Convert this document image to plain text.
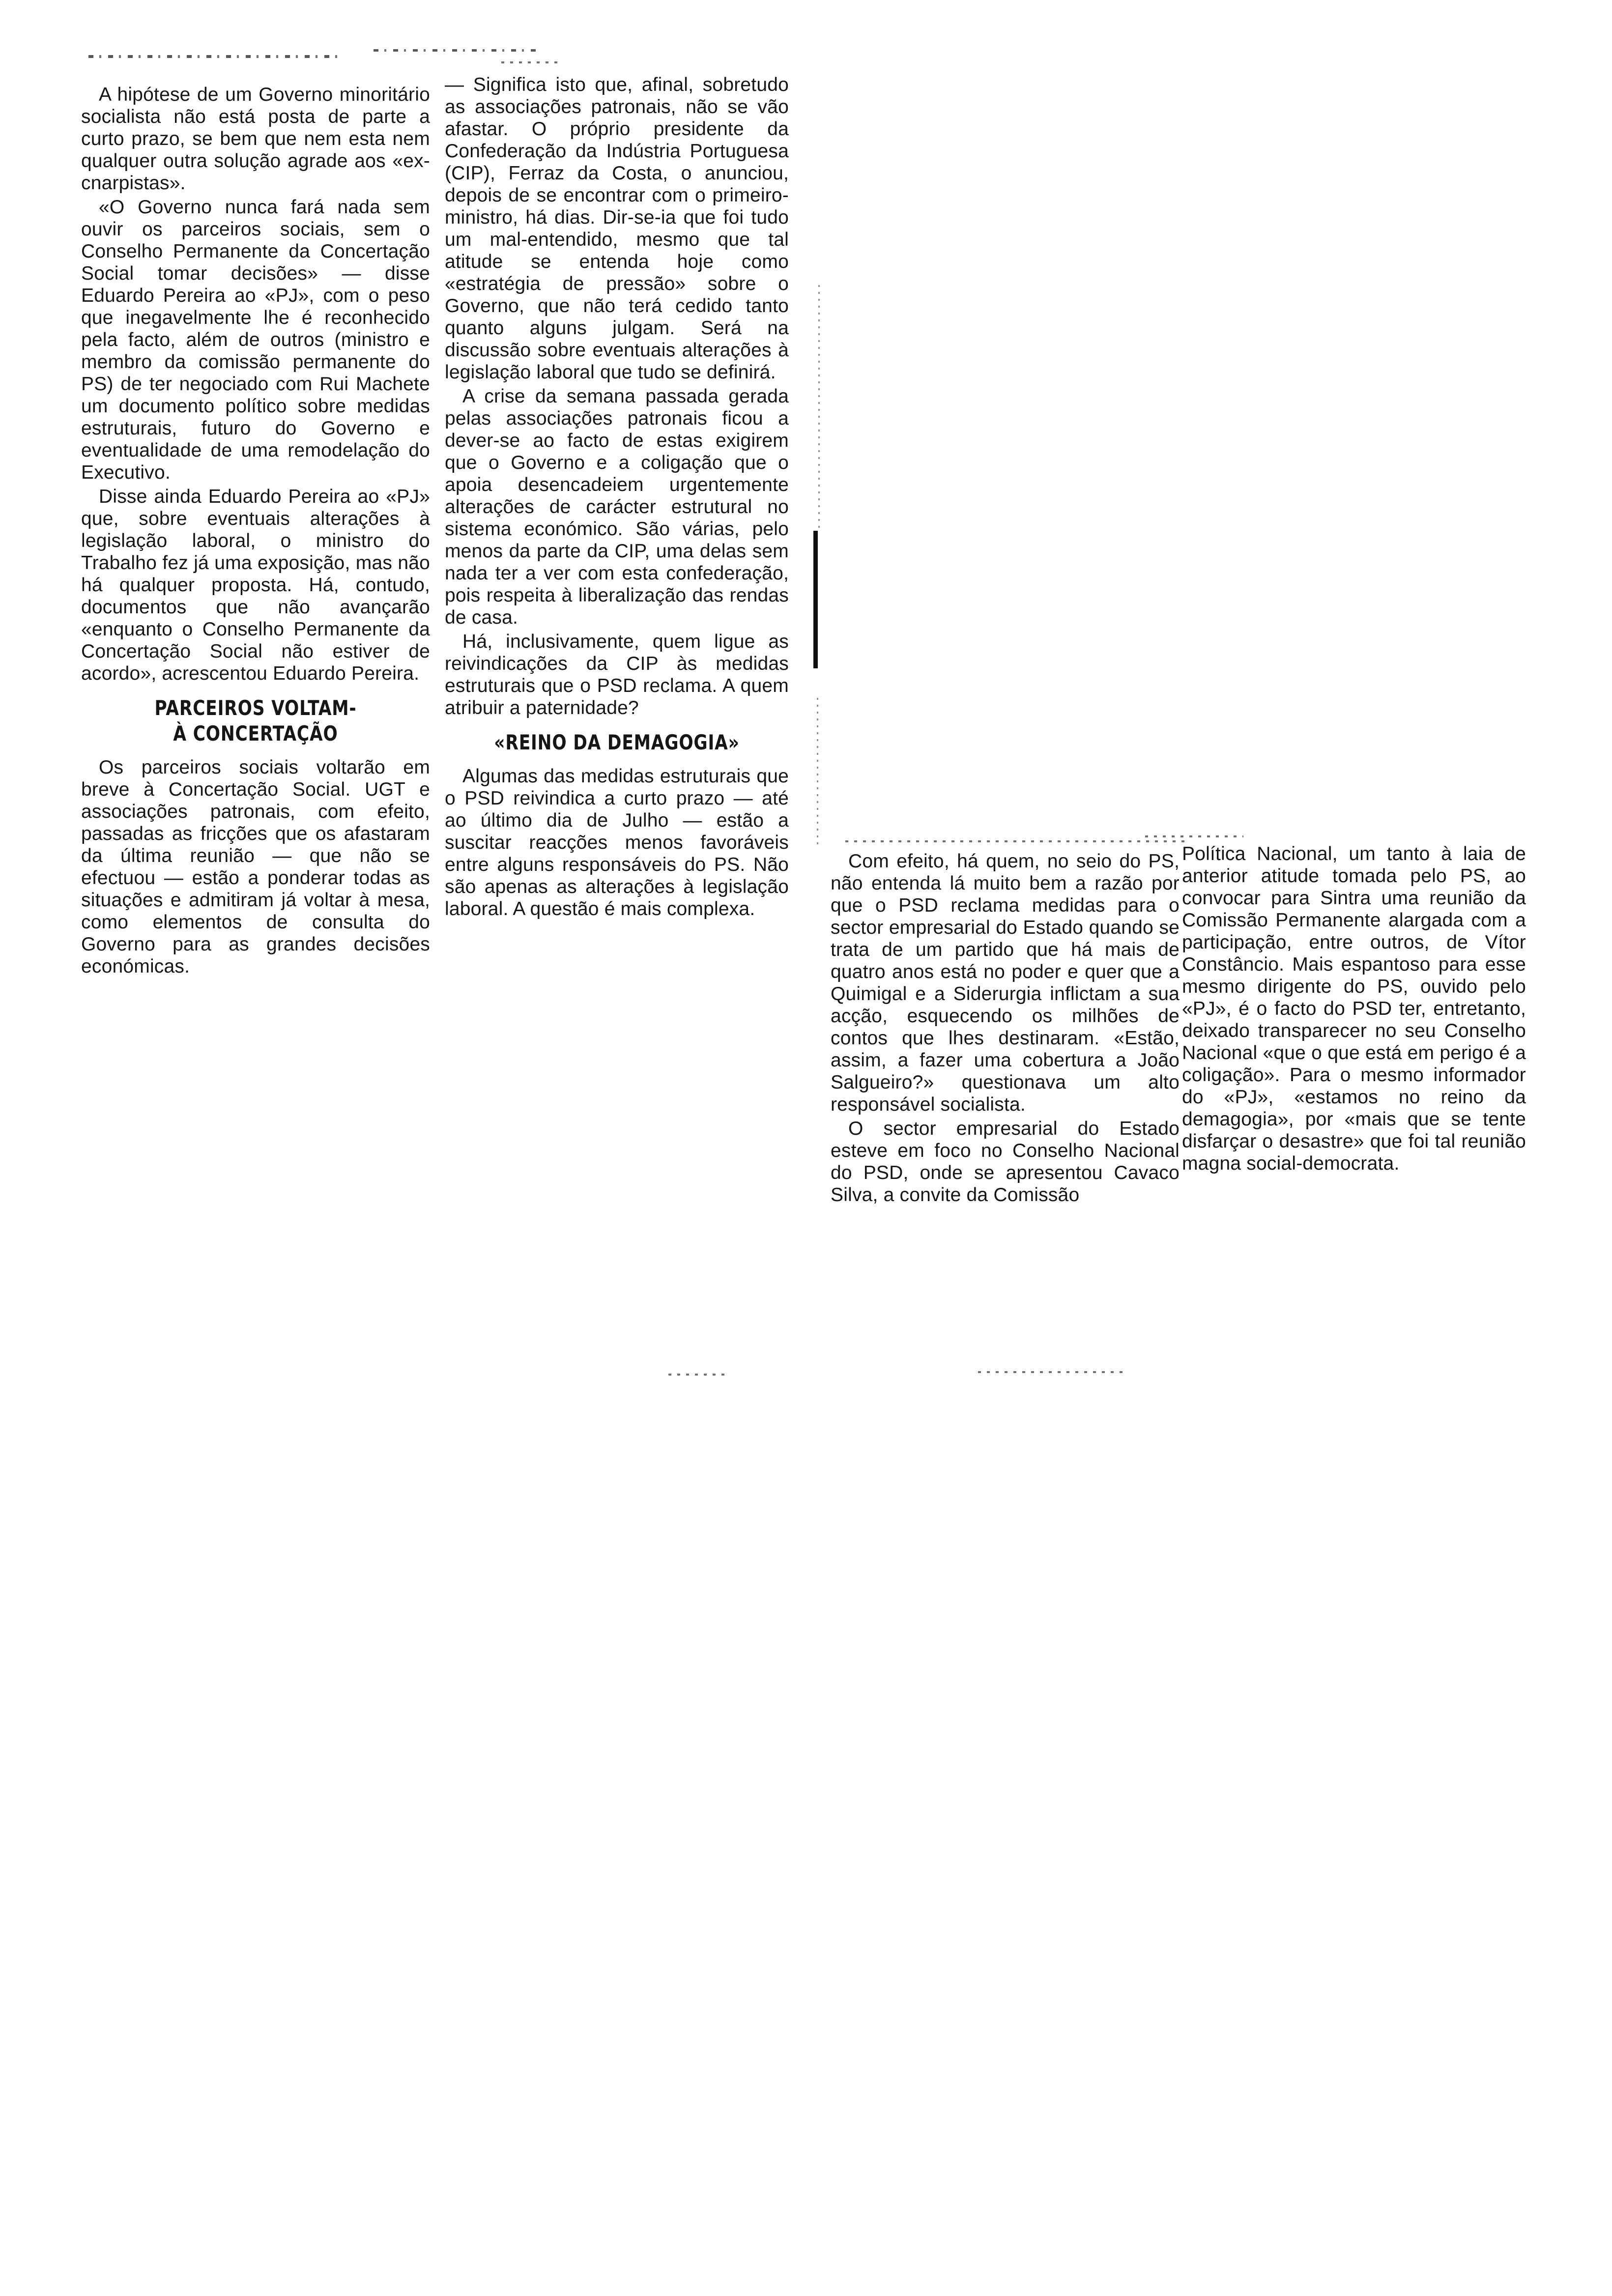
A hipótese de um Governo minoritário socialista não está posta de parte a curto prazo, se bem que nem esta nem qualquer outra solução agrade aos «ex-cnarpistas».

«O Governo nunca fará nada sem ouvir os parceiros sociais, sem o Conselho Permanente da Concertação Social tomar decisões» — disse Eduardo Pereira ao «PJ», com o peso que inegavelmente lhe é reconhecido pela facto, além de outros (ministro e membro da comissão permanente do PS) de ter negociado com Rui Machete um documento político sobre medidas estruturais, futuro do Governo e eventualidade de uma remodelação do Executivo.

Disse ainda Eduardo Pereira ao «PJ» que, sobre eventuais alterações à legislação laboral, o ministro do Trabalho fez já uma exposição, mas não há qualquer proposta. Há, contudo, documentos que não avançarão «enquanto o Conselho Permanente da Concertação Social não estiver de acordo», acrescentou Eduardo Pereira.

PARCEIROS VOLTAM-
À CONCERTAÇÃO

Os parceiros sociais voltarão em breve à Concertação Social. UGT e associações patronais, com efeito, passadas as fricções que os afastaram da última reunião — que não se efectuou — estão a ponderar todas as situações e admitiram já voltar à mesa, como elementos de consulta do Governo para as grandes decisões económicas.

— Significa isto que, afinal, sobretudo as associações patronais, não se vão afastar. O próprio presidente da Confederação da Indústria Portuguesa (CIP), Ferraz da Costa, o anunciou, depois de se encontrar com o primeiro-ministro, há dias. Dir-se-ia que foi tudo um mal-entendido, mesmo que tal atitude se entenda hoje como «estratégia de pressão» sobre o Governo, que não terá cedido tanto quanto alguns julgam. Será na discussão sobre eventuais alterações à legislação laboral que tudo se definirá.

A crise da semana passada gerada pelas associações patronais ficou a dever-se ao facto de estas exigirem que o Governo e a coligação que o apoia desencadeiem urgentemente alterações de carácter estrutural no sistema económico. São várias, pelo menos da parte da CIP, uma delas sem nada ter a ver com esta confederação, pois respeita à liberalização das rendas de casa.

Há, inclusivamente, quem ligue as reivindicações da CIP às medidas estruturais que o PSD reclama. A quem atribuir a paternidade?

«REINO DA DEMAGOGIA»

Algumas das medidas estruturais que o PSD reivindica a curto prazo — até ao último dia de Julho — estão a suscitar reacções menos favoráveis entre alguns responsáveis do PS. Não são apenas as alterações à legislação laboral. A questão é mais complexa.

Com efeito, há quem, no seio do PS, não entenda lá muito bem a razão por que o PSD reclama medidas para o sector empresarial do Estado quando se trata de um partido que há mais de quatro anos está no poder e quer que a Quimigal e a Siderurgia inflictam a sua acção, esquecendo os milhões de contos que lhes destinaram. «Estão, assim, a fazer uma cobertura a João Salgueiro?» questionava um alto responsável socialista.

O sector empresarial do Estado esteve em foco no Conselho Nacional do PSD, onde se apresentou Cavaco Silva, a convite da Comissão

Política Nacional, um tanto à laia de anterior atitude tomada pelo PS, ao convocar para Sintra uma reunião da Comissão Permanente alargada com a participação, entre outros, de Vítor Constâncio. Mais espantoso para esse mesmo dirigente do PS, ouvido pelo «PJ», é o facto do PSD ter, entretanto, deixado transparecer no seu Conselho Nacional «que o que está em perigo é a coligação». Para o mesmo informador do «PJ», «estamos no reino da demagogia», por «mais que se tente disfarçar o desastre» que foi tal reunião magna social-democrata.
